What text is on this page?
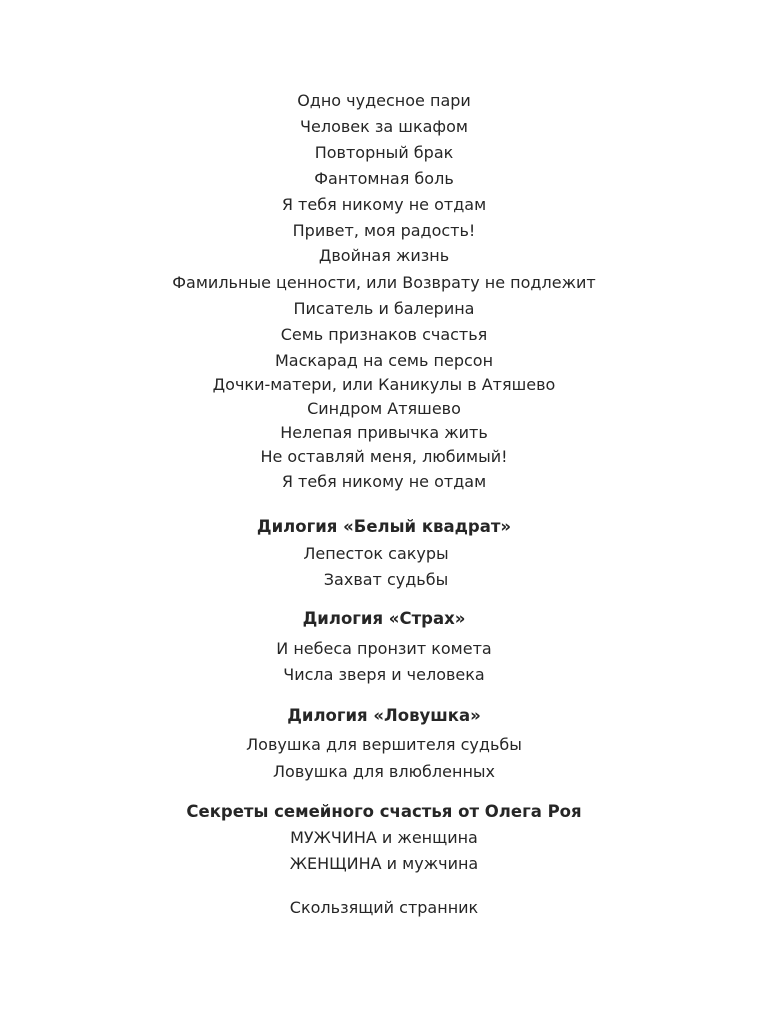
Одно чудесное пари
Человек за шкафом
Повторный брак
Фантомная боль
Я тебя никому не отдам
Привет, моя радость!
Двойная жизнь
Фамильные ценности, или Возврату не подлежит
Писатель и балерина
Семь признаков счастья
Маскарад на семь персон
Дочки-матери, или Каникулы в Атяшево
Синдром Атяшево
Нелепая привычка жить
Не оставляй меня, любимый!
Я тебя никому не отдам
Дилогия «Белый квадрат»
Лепесток сакуры
Захват судьбы
Дилогия «Страх»
И небеса пронзит комета
Числа зверя и человека
Дилогия «Ловушка»
Ловушка для вершителя судьбы
Ловушка для влюбленных
Секреты семейного счастья от Олега Роя
МУЖЧИНА и женщина
ЖЕНЩИНА и мужчина
Скользящий странник
